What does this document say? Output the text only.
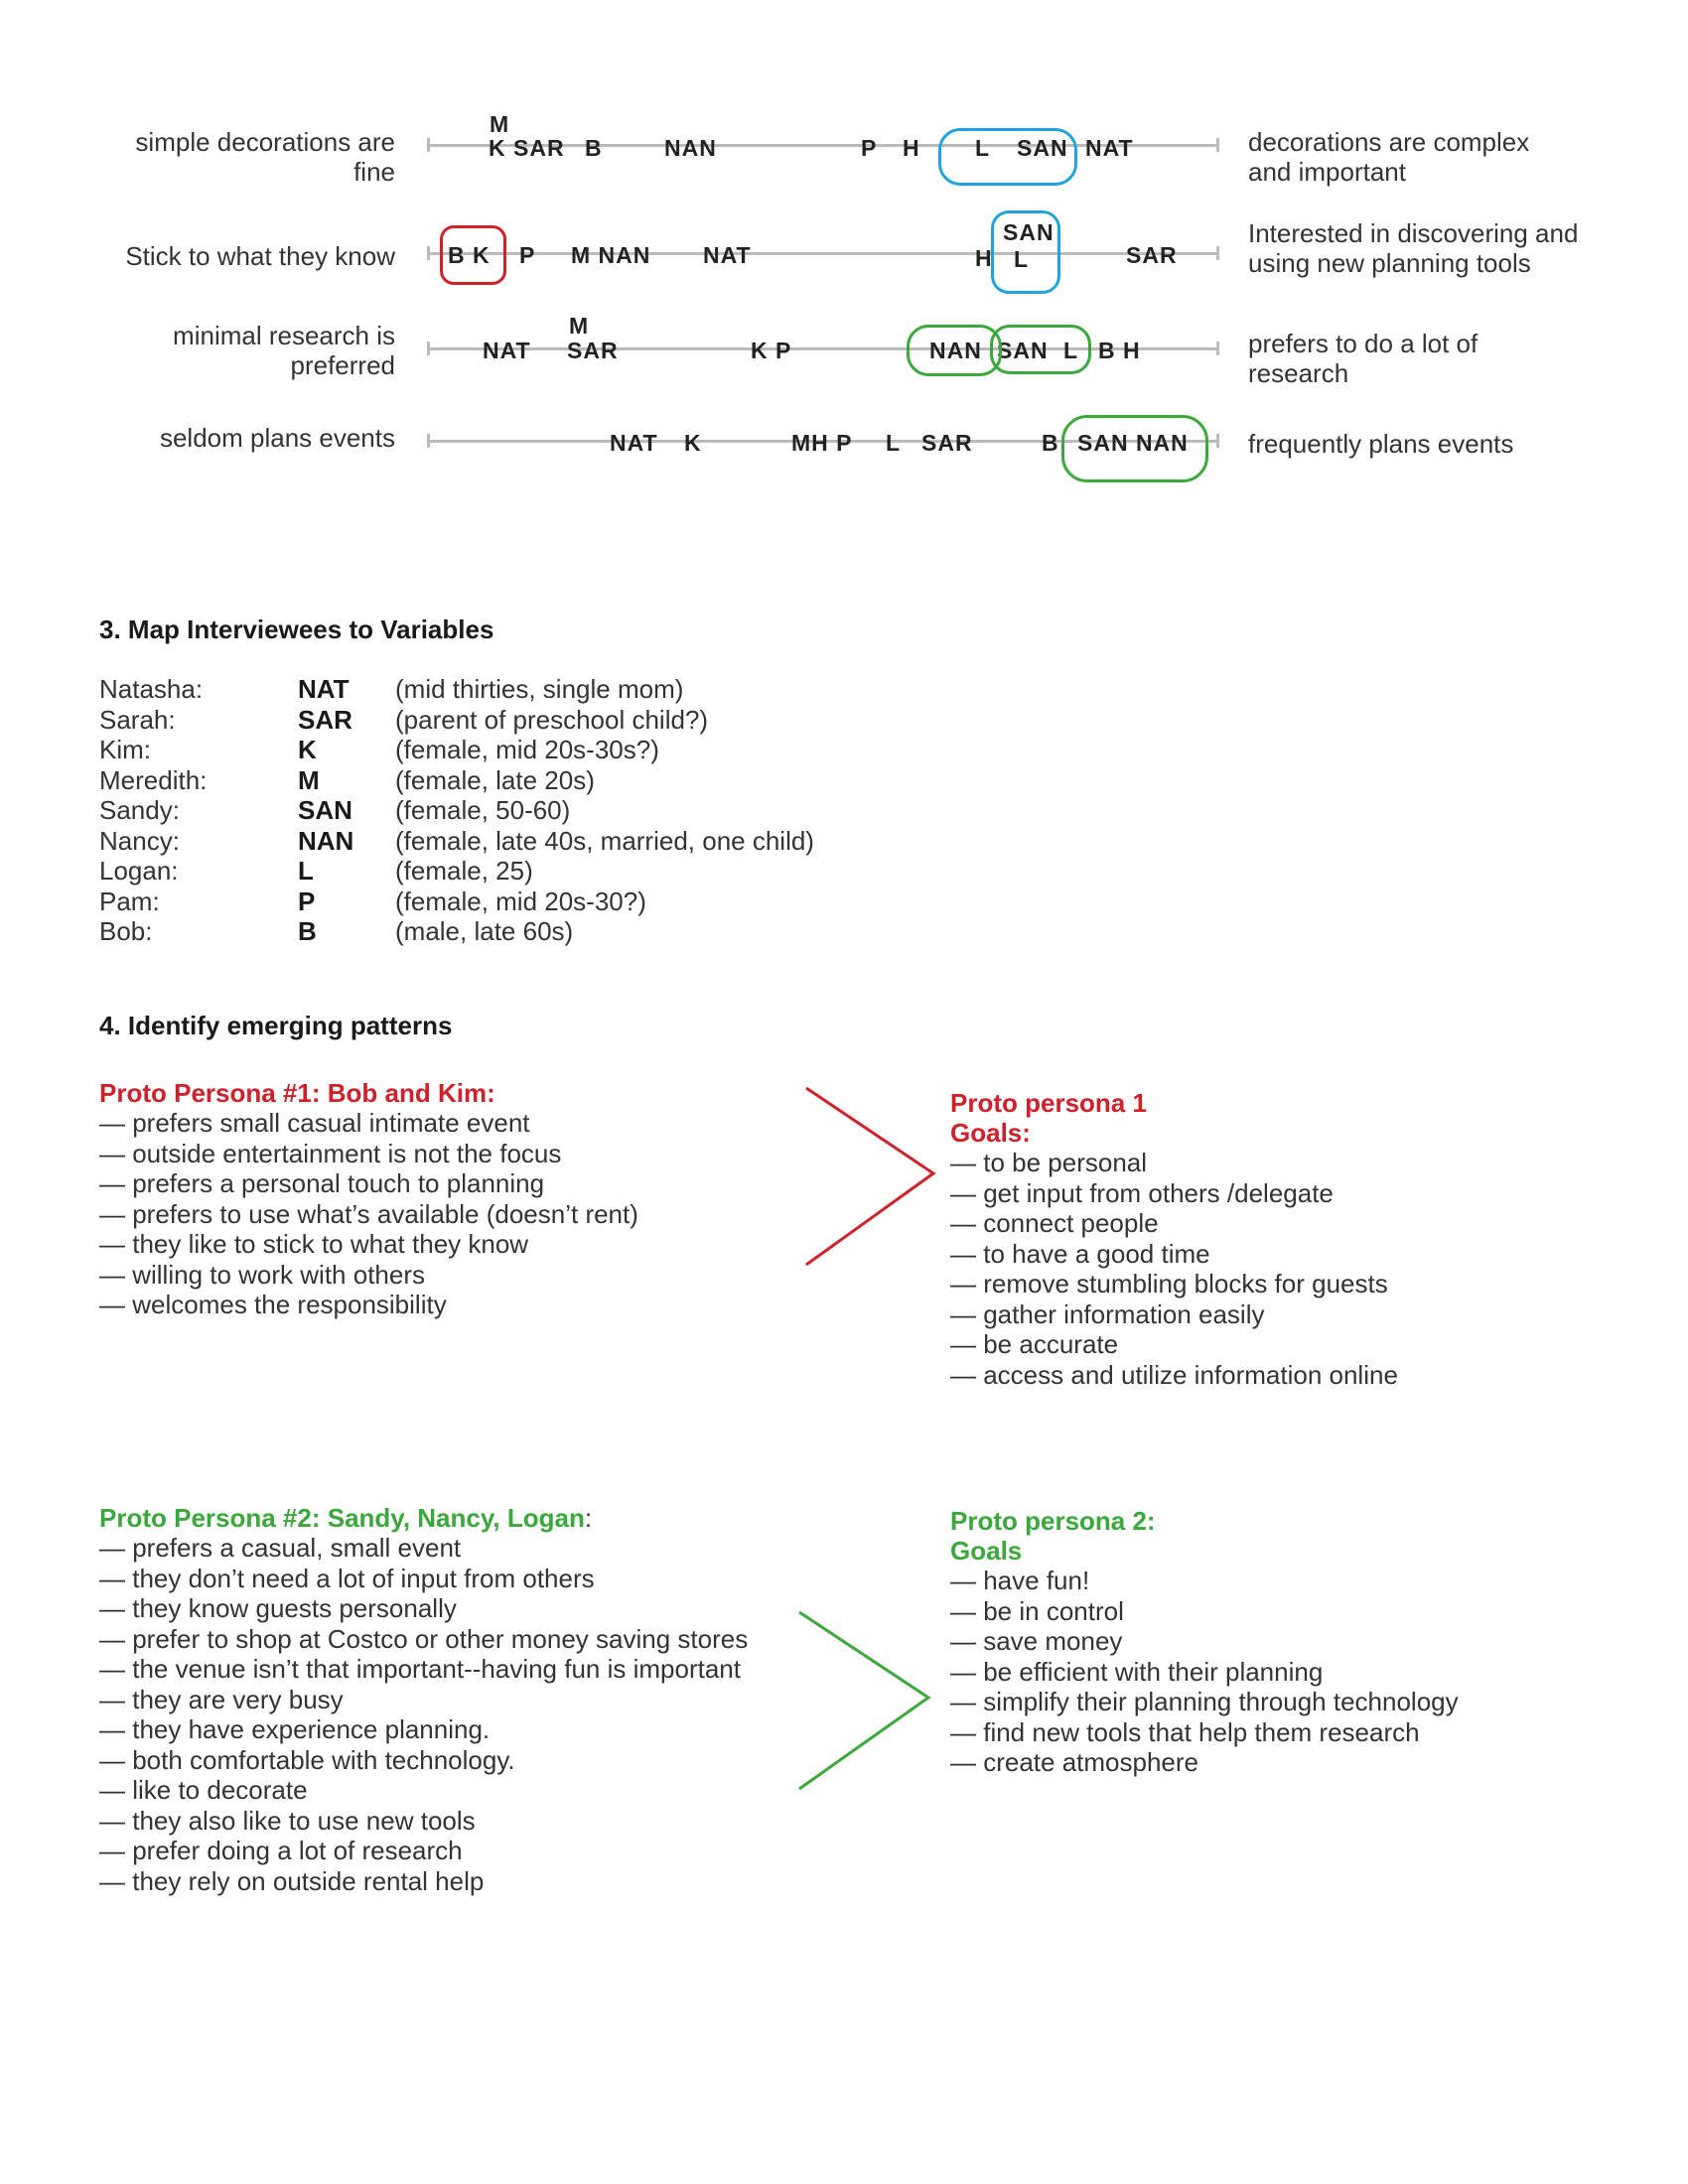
simple decorations are
fine
M
K SAR B	NAN	P H L SAN NAT	decorations are complex
and important
Stick to what they know B K P M NAN NAT	H
SAN
L	SAR
Interested in discovering and
using new planning tools
minimal research is
preferred	NAT
M
SAR	K P	NAN SAN L B H	prefers to do a lot of
research
seldom plans events	NAT K	MH P L SAR	B SAN NAN frequently plans events
3. Map Interviewees to Variables
Natasha:	NAT (mid thirties, single mom)
Sarah:	SAR (parent of preschool child?)
Kim:	K	(female, mid 20s-30s?)
Meredith:	M	(female, late 20s)
Sandy:	SAN (female, 50-60)
Nancy:	NAN (female, late 40s, married, one child)
Logan:	L	(female, 25)
Pam:	P	(female, mid 20s-30?)
Bob:	B	(male, late 60s)
4. Identify emerging patterns
Proto Persona #1: Bob and Kim:
— prefers small casual intimate event
— outside entertainment is not the focus
— prefers a personal touch to planning
— prefers to use what’s available (doesn’t rent)
— they like to stick to what they know
— willing to work with others
— welcomes the responsibility
Proto persona 1
Goals:
— to be personal
— get input from others /delegate
— connect people
— to have a good time
— remove stumbling blocks for guests
— gather information easily
— be accurate
— access and utilize information online
Proto Persona #2: Sandy, Nancy, Logan:
— prefers a casual, small event
— they don’t need a lot of input from others
— they know guests personally
— prefer to shop at Costco or other money saving stores
— the venue isn’t that important--having fun is important
— they are very busy
— they have experience planning.
— both comfortable with technology.
— like to decorate
— they also like to use new tools
— prefer doing a lot of research
— they rely on outside rental help
Proto persona 2:
Goals
— have fun!
— be in control
— save money
— be efficient with their planning
— simplify their planning through technology
— find new tools that help them research
— create atmosphere
